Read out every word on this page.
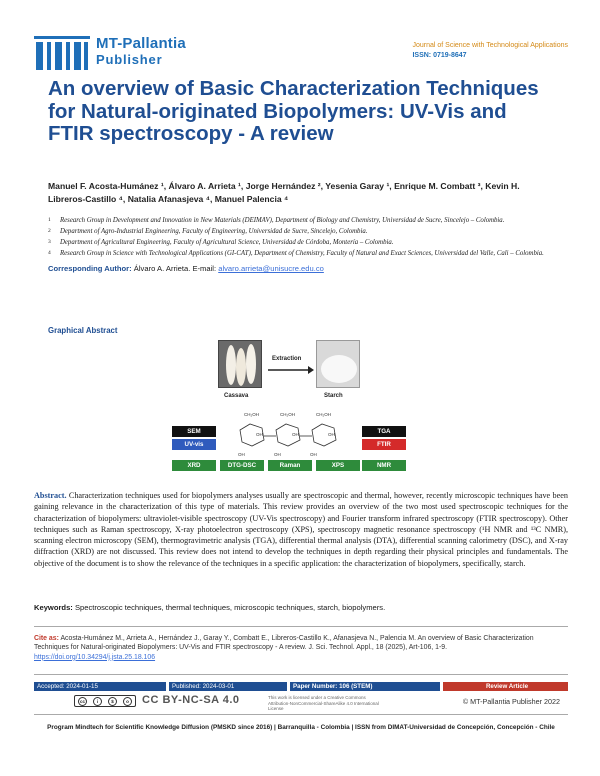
MT-Pallantia
Publisher
Journal of Science with Technological Applications
ISSN: 0719-8647
An overview of Basic Characterization Techniques for Natural-originated Biopolymers: UV-Vis and FTIR spectroscopy - A review
Manuel F. Acosta-Humánez ¹, Álvaro A. Arrieta ¹, Jorge Hernández ², Yesenia Garay ¹, Enrique M. Combatt ³, Kevin H. Libreros-Castillo ⁴, Natalia Afanasjeva ⁴, Manuel Palencia ⁴
1	Research Group in Development and Innovation in New Materials (DEIMAV), Department of Biology and Chemistry, Universidad de Sucre, Sincelejo – Colombia.
2	Department of Agro-Industrial Engineering, Faculty of Engineering, Universidad de Sucre, Sincelejo, Colombia.
3	Department of Agricultural Engineering, Faculty of Agricultural Science, Universidad de Córdoba, Montería – Colombia.
4	Research Group in Science with Technological Applications (GI-CAT), Department of Chemistry, Faculty of Natural and Exact Sciences, Universidad del Valle, Cali – Colombia.
Corresponding Author: Álvaro A. Arrieta. E-mail: alvaro.arrieta@unisucre.edu.co
Graphical Abstract
Extraction
Cassava	Starch
CH₂OH	CH₂OH	CH₂OH
OH	OH	OH
OH	OH	OH
SEM
UV-vis
TGA
FTIR
XRD	DTG-DSC	Raman	XPS	NMR
Abstract. Characterization techniques used for biopolymers analyses usually are spectroscopic and thermal, however, recently microscopic techniques have been gaining relevance in the characterization of this type of materials. This review provides an overview of the two most used spectroscopic techniques for the characterization of biopolymers: ultraviolet-visible spectroscopy (UV-Vis spectroscopy) and Fourier transform infrared spectroscopy (FTIR spectroscopy). Other techniques such as Raman spectroscopy, X-ray photoelectron spectroscopy (XPS), spectroscopy magnetic resonance spectroscopy (¹H NMR and ¹³C NMR), scanning electron microscopy (SEM), thermogravimetric analysis (TGA), differential thermal analysis (DTA), differential scanning calorimetry (DSC), and X-ray diffraction (XRD) are not discussed. This review does not intend to develop the techniques in depth regarding their physical principles and fundamentals. The objective of the document is to show the relevance of the techniques in a specific application: the characterization of biopolymers, specifically, starch.
Keywords: Spectroscopic techniques, thermal techniques, microscopic techniques, starch, biopolymers.
Cite as: Acosta-Humánez M., Arrieta A., Hernández J., Garay Y., Combatt E., Libreros-Castillo K., Afanasjeva N., Palencia M. An overview of Basic Characterization Techniques for Natural-originated Biopolymers: UV-Vis and FTIR spectroscopy - A review. J. Sci. Technol. Appl., 18 (2025), Art-106, 1-9.
https://doi.org/10.34294/j.jsta.25.18.106
Accepted: 2024-01-15	Published: 2024-03-01	Paper Number: 106 (STEM)	Review Article
cc	i	$	o CC BY-NC-SA 4.0	This work is licensed under a Creative Commons Attribution-NonCommercial-ShareAlike 4.0 International License
© MT-Pallantia Publisher 2022
Program Mindtech for Scientific Knowledge Diffusion (PMSKD since 2016) | Barranquilla - Colombia | ISSN from DIMAT-Universidad de Concepción, Concepción - Chile
